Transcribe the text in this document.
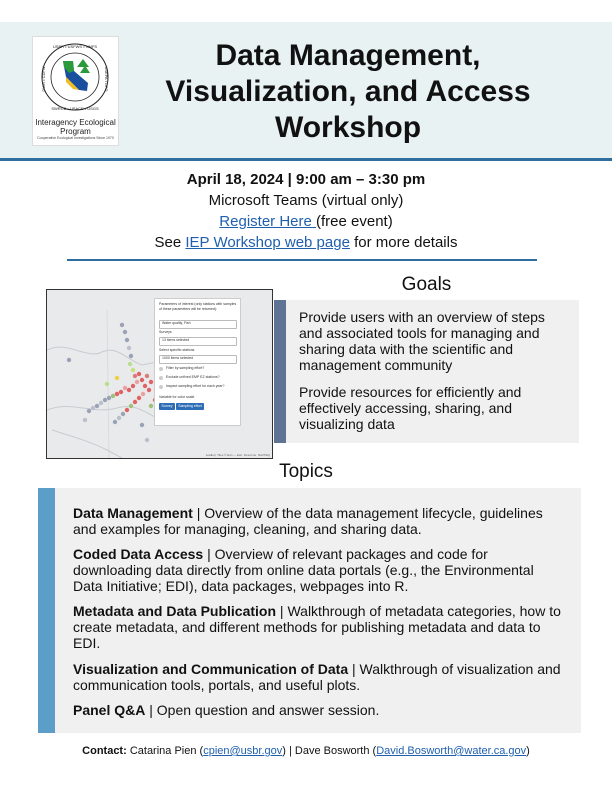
USBR • USFWS • NMFS
SWRCB • USACE • USGS
DWR • CDFW	USEPA • DFG
Interagency Ecological Program
Cooperative Ecological Investigations Since 1970
Data Management, Visualization, and Access Workshop
April 18, 2024 | 9:00 am – 3:30 pm
Microsoft Teams (virtual only)
Register Here (free event)
See IEP Workshop web page for more details
Parameters of interest (only stations with samples of these parameters will be returned):
Water quality, Fish
Surveys
13 items selected
Select specific stations
1000 items selected
Filter by sampling effort?
Exclude unfixed EMP EZ stations?
Inspect sampling effort for each year?
Variable for color scale
Survey	Sampling effort
Leaflet | Tiles © Esri — Esri, DeLorme, NAVTEQ
Goals
Provide users with an overview of steps and associated tools for managing and sharing data with the scientific and management community
Provide resources for efficiently and effectively accessing, sharing, and visualizing data
Topics
Data Management | Overview of the data management lifecycle, guidelines and examples for managing, cleaning, and sharing data.
Coded Data Access | Overview of relevant packages and code for downloading data directly from online data portals (e.g., the Environmental Data Initiative; EDI), data packages, webpages into R.
Metadata and Data Publication | Walkthrough of metadata categories, how to create metadata, and different methods for publishing metadata and data to EDI.
Visualization and Communication of Data | Walkthrough of visualization and communication tools, portals, and useful plots.
Panel Q&A | Open question and answer session.
Contact: Catarina Pien (cpien@usbr.gov) | Dave Bosworth (David.Bosworth@water.ca.gov)
